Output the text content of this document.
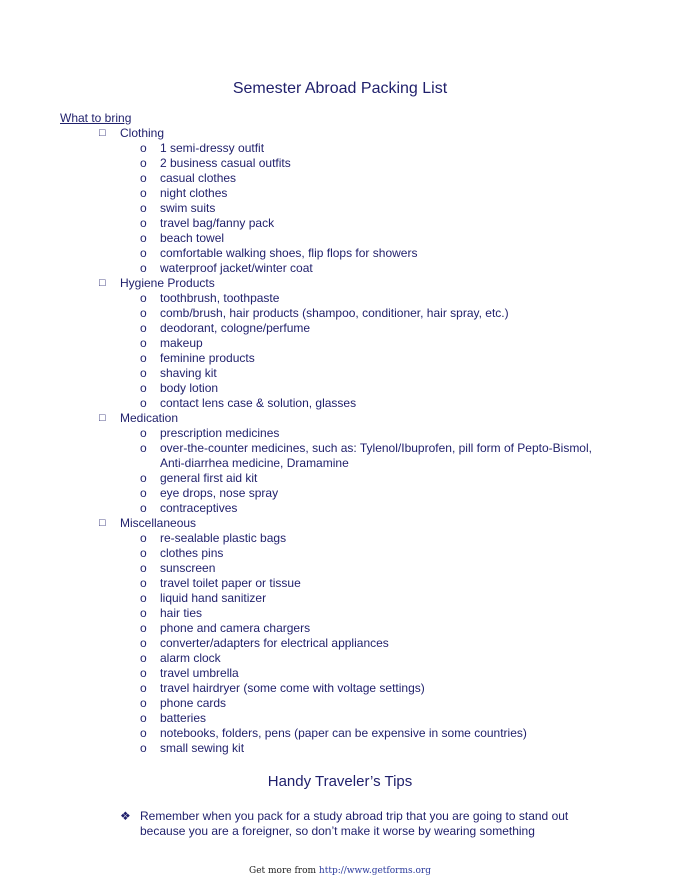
Semester Abroad Packing List
What to bring
□ Clothing
o 1 semi-dressy outfit
o 2 business casual outfits
o casual clothes
o night clothes
o swim suits
o travel bag/fanny pack
o beach towel
o comfortable walking shoes, flip flops for showers
o waterproof jacket/winter coat
□ Hygiene Products
o toothbrush, toothpaste
o comb/brush, hair products (shampoo, conditioner, hair spray, etc.)
o deodorant, cologne/perfume
o makeup
o feminine products
o shaving kit
o body lotion
o contact lens case & solution, glasses
□ Medication
o prescription medicines
o over-the-counter medicines, such as: Tylenol/Ibuprofen, pill form of Pepto-Bismol, Anti-diarrhea medicine, Dramamine
o general first aid kit
o eye drops, nose spray
o contraceptives
□ Miscellaneous
o re-sealable plastic bags
o clothes pins
o sunscreen
o travel toilet paper or tissue
o liquid hand sanitizer
o hair ties
o phone and camera chargers
o converter/adapters for electrical appliances
o alarm clock
o travel umbrella
o travel hairdryer (some come with voltage settings)
o phone cards
o batteries
o notebooks, folders, pens (paper can be expensive in some countries)
o small sewing kit
Handy Traveler’s Tips
❖ Remember when you pack for a study abroad trip that you are going to stand out because you are a foreigner, so don’t make it worse by wearing something
Get more from http://www.getforms.org
